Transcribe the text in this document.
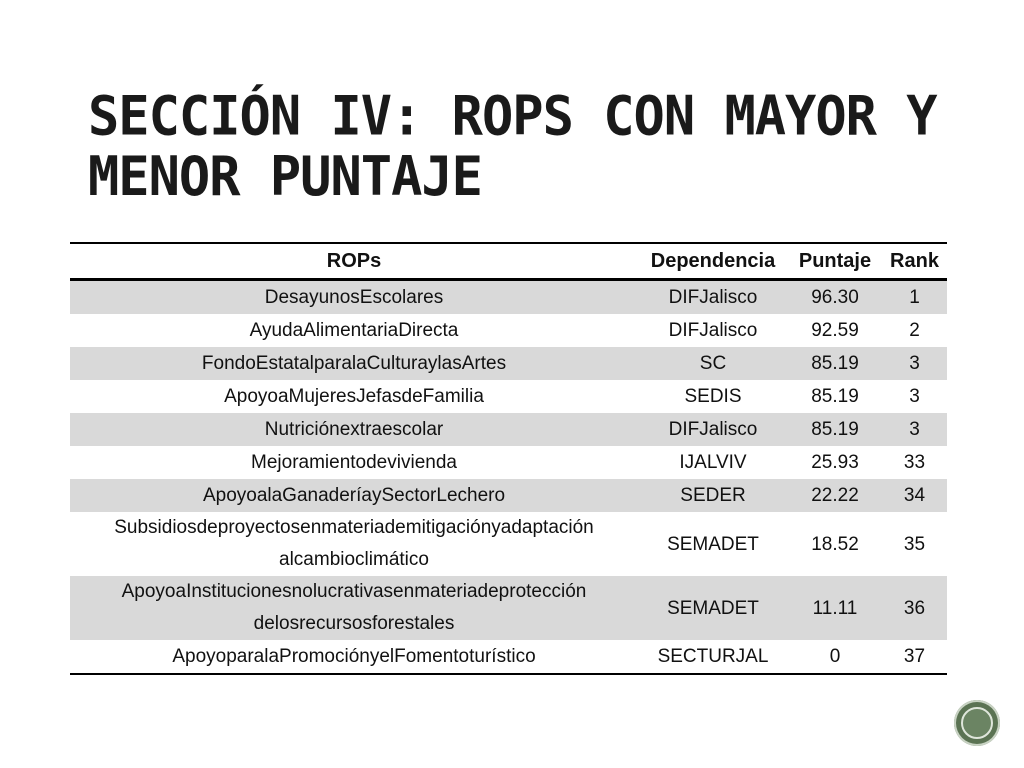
SECCIÓN IV: ROPS CON MAYOR Y MENOR PUNTAJE
ROPs	Dependencia	Puntaje	Rank
DesayunosEscolares	DIFJalisco	96.30	1
AyudaAlimentariaDirecta	DIFJalisco	92.59	2
FondoEstatalparalaCulturaylasArtes	SC	85.19	3
ApoyoaMujeresJefasdeFamilia	SEDIS	85.19	3
Nutriciónextraescolar	DIFJalisco	85.19	3
Mejoramientodevivienda	IJALVIV	25.93	33
ApoyoalaGanaderíaySectorLechero	SEDER	22.22	34
Subsidiosdeproyectosenmateriademitigaciónyadaptación alcambioclimático	SEMADET	18.52	35
ApoyoaInstitucionesnolucrativasenmateriadeprotección delosrecursosforestales	SEMADET	11.11	36
ApoyoparalaPromociónyelFomentoturístico	SECTURJAL	0	37
